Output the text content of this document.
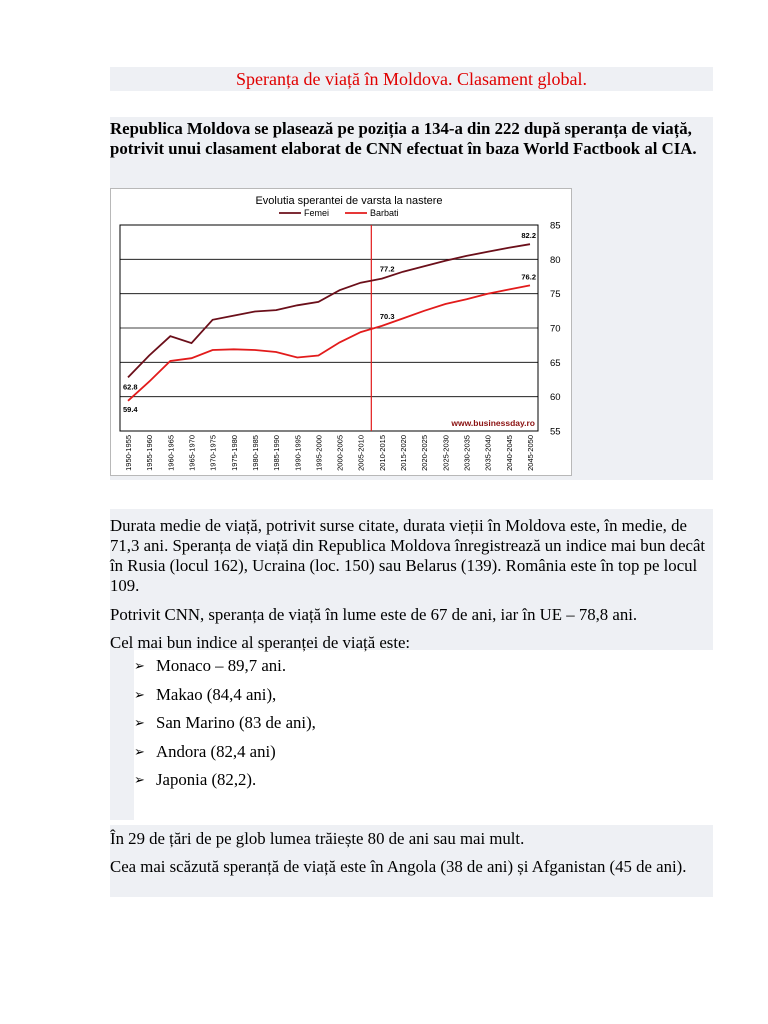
Speranța de viață în Moldova. Clasament global.

Republica Moldova se plasează pe poziția a 134-a din 222 după speranța de viață, potrivit unui clasament elaborat de CNN efectuat în baza World Factbook al CIA.

Evolutia sperantei de varsta la nastere
Femei	Barbati
55
60
65
70
75
80
85
1950-1955 1955-1960 1960-1965 1965-1970 1970-1975 1975-1980 1980-1985 1985-1990 1990-1995 1995-2000 2000-2005 2005-2010 2010-2015 2015-2020 2020-2025 2025-2030 2030-2035 2035-2040 2040-2045 2045-2050
62.8
59.4
77.2
70.3
82.2
76.2
www.businessday.ro

Durata medie de viață, potrivit surse citate, durata vieții în Moldova este, în medie, de 71,3 ani. Speranța de viață din Republica Moldova înregistrează un indice mai bun decât în Rusia (locul 162), Ucraina (loc. 150) sau Belarus (139). România este în top pe locul 109.

Potrivit CNN, speranța de viață în lume este de 67 de ani, iar în UE – 78,8 ani.

Cel mai bun indice al speranței de viață este:

➢ Monaco – 89,7 ani.
➢ Makao (84,4 ani),
➢ San Marino (83 de ani),
➢ Andora (82,4 ani)
➢ Japonia (82,2).

În 29 de țări de pe glob lumea trăiește 80 de ani sau mai mult.

Cea mai scăzută speranță de viață este în Angola (38 de ani) și Afganistan (45 de ani).
